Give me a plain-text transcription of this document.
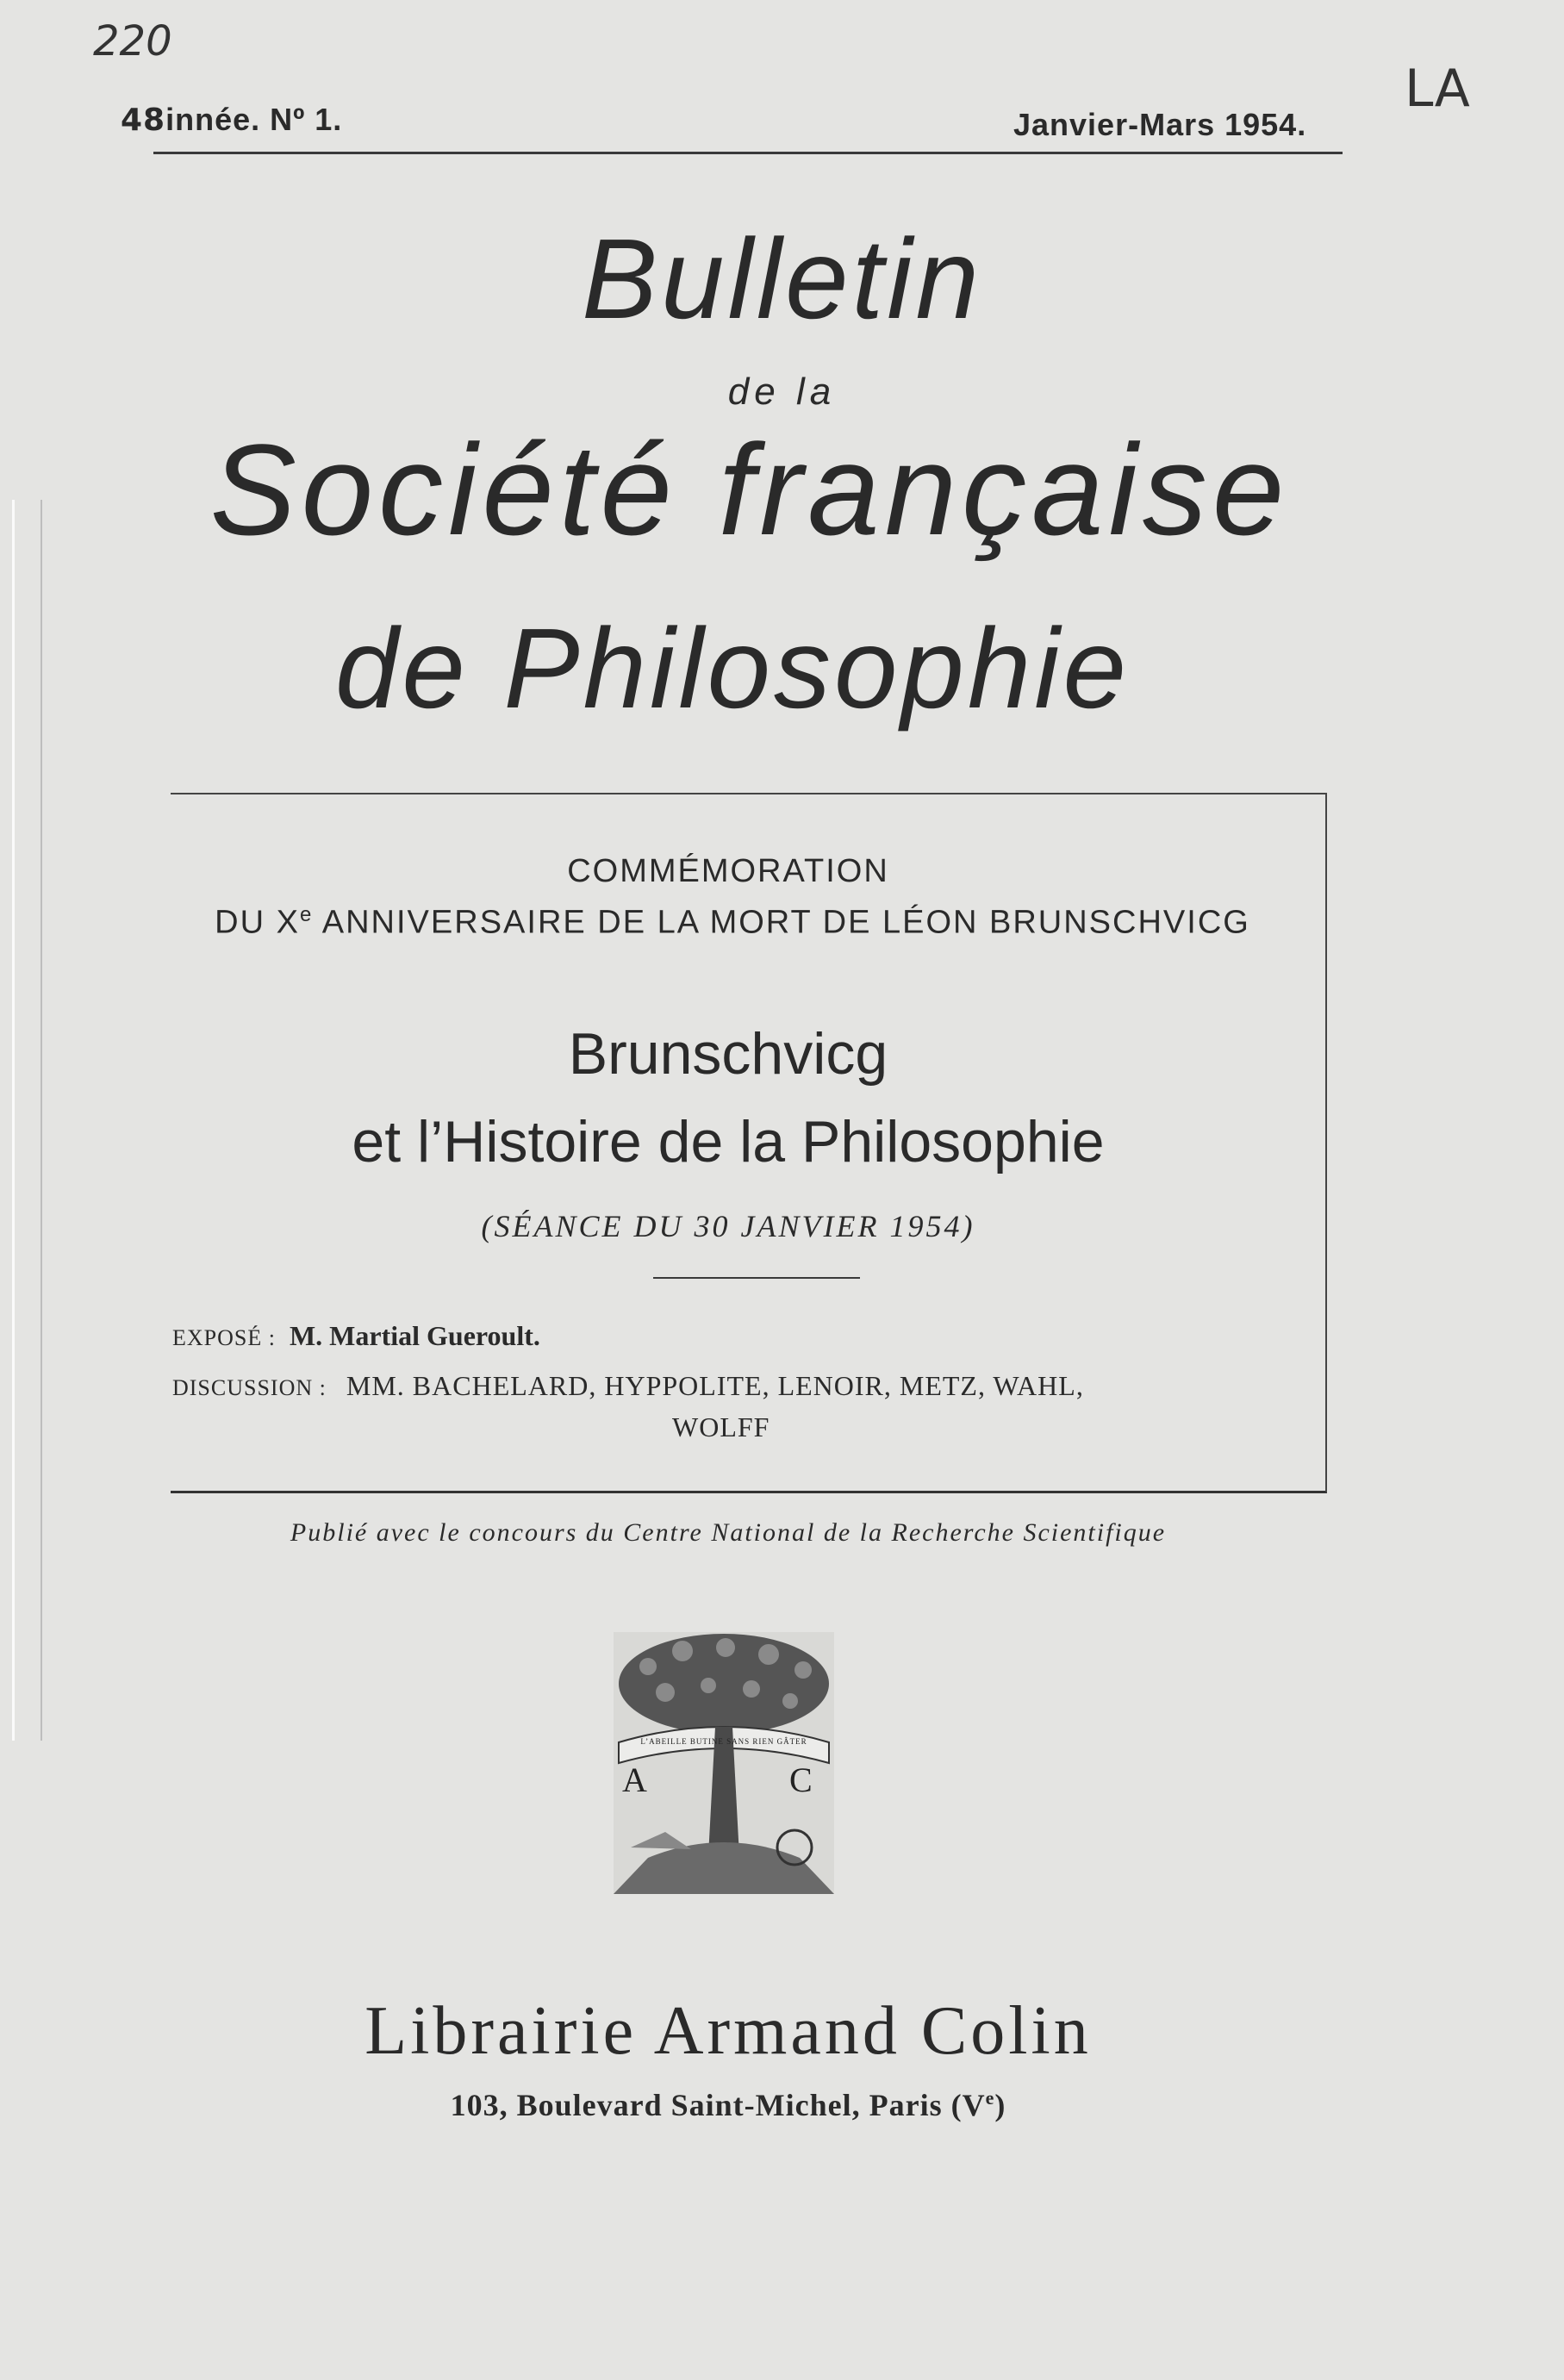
220
LA
48innée. Nº 1.	Janvier-Mars 1954.
Bulletin
de la
Société française
de Philosophie
COMMÉMORATION
DU Xe ANNIVERSAIRE DE LA MORT DE LÉON BRUNSCHVICG
Brunschvicg
et l’Histoire de la Philosophie
(SÉANCE DU 30 JANVIER 1954)
EXPOSÉ : M. Martial Gueroult.
DISCUSSION : MM. BACHELARD, HYPPOLITE, LENOIR, METZ, WAHL,
WOLFF
Publié avec le concours du Centre National de la Recherche Scientifique
A	C
L’ABEILLE BUTINE SANS RIEN GÂTER
Librairie Armand Colin
103, Boulevard Saint-Michel, Paris (Ve)
